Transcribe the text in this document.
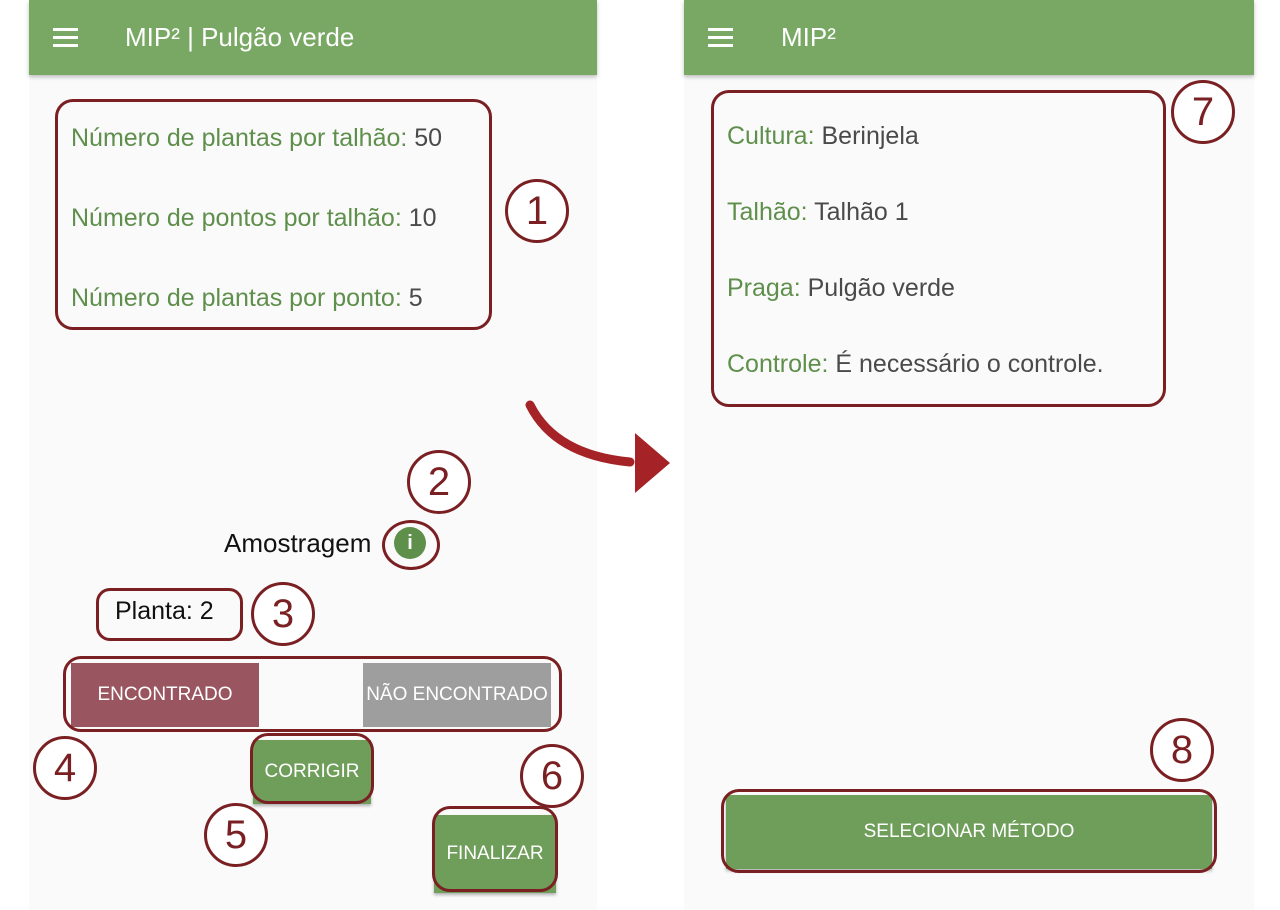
MIP² | Pulgão verde
Número de plantas por talhão: 50
Número de pontos por talhão: 10
Número de plantas por ponto: 5
Amostragem	i
Planta: 2
ENCONTRADO	NÃO ENCONTRADO
CORRIGIR
FINALIZAR
MIP²
Cultura: Berinjela
Talhão: Talhão 1
Praga: Pulgão verde
Controle: É necessário o controle.
SELECIONAR MÉTODO
1
2
3
4
5
6
7
8
